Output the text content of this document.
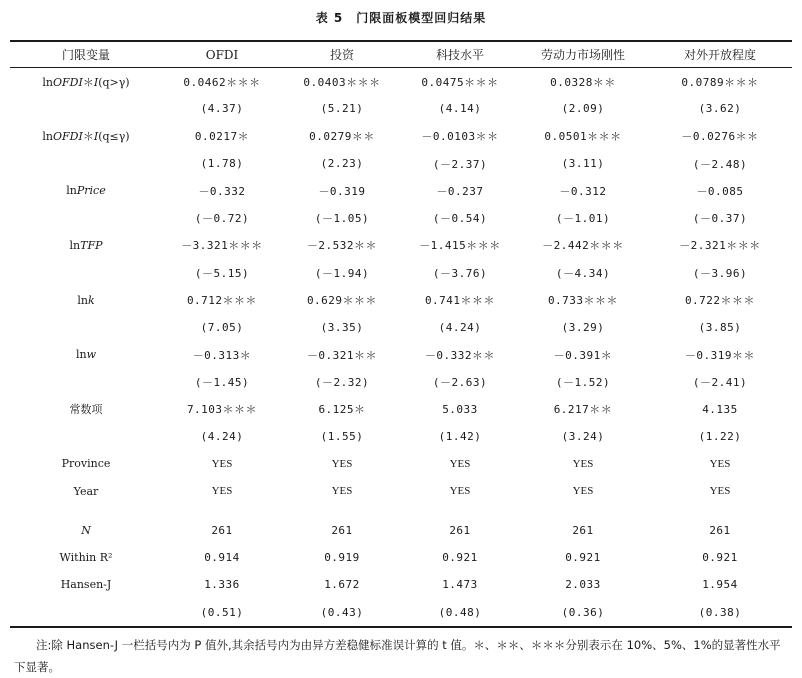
表 5　门限面板模型回归结果
门限变量	OFDI	投资	科技水平	劳动力市场刚性	对外开放程度
lnOFDI＊I(q>γ)	0.0462＊＊＊	0.0403＊＊＊	0.0475＊＊＊	0.0328＊＊	0.0789＊＊＊
	(4.37)	(5.21)	(4.14)	(2.09)	(3.62)
lnOFDI＊I(q≤γ)	0.0217＊	0.0279＊＊	－0.0103＊＊	0.0501＊＊＊	－0.0276＊＊
	(1.78)	(2.23)	(－2.37)	(3.11)	(－2.48)
lnPrice	－0.332	－0.319	－0.237	－0.312	－0.085
	(－0.72)	(－1.05)	(－0.54)	(－1.01)	(－0.37)
lnTFP	－3.321＊＊＊	－2.532＊＊	－1.415＊＊＊	－2.442＊＊＊	－2.321＊＊＊
	(－5.15)	(－1.94)	(－3.76)	(－4.34)	(－3.96)
lnk	0.712＊＊＊	0.629＊＊＊	0.741＊＊＊	0.733＊＊＊	0.722＊＊＊
	(7.05)	(3.35)	(4.24)	(3.29)	(3.85)
lnw	－0.313＊	－0.321＊＊	－0.332＊＊	－0.391＊	－0.319＊＊
	(－1.45)	(－2.32)	(－2.63)	(－1.52)	(－2.41)
常数项	7.103＊＊＊	6.125＊	5.033	6.217＊＊	4.135
	(4.24)	(1.55)	(1.42)	(3.24)	(1.22)
Province	YES	YES	YES	YES	YES
Year	YES	YES	YES	YES	YES

N	261	261	261	261	261
Within R²	0.914	0.919	0.921	0.921	0.921
Hansen-J	1.336	1.672	1.473	2.033	1.954
	(0.51)	(0.43)	(0.48)	(0.36)	(0.38)
注:除 Hansen-J 一栏括号内为 P 值外,其余括号内为由异方差稳健标准误计算的 t 值。＊、＊＊、＊＊＊分别表示在 10%、5%、1%的显著性水平下显著。
